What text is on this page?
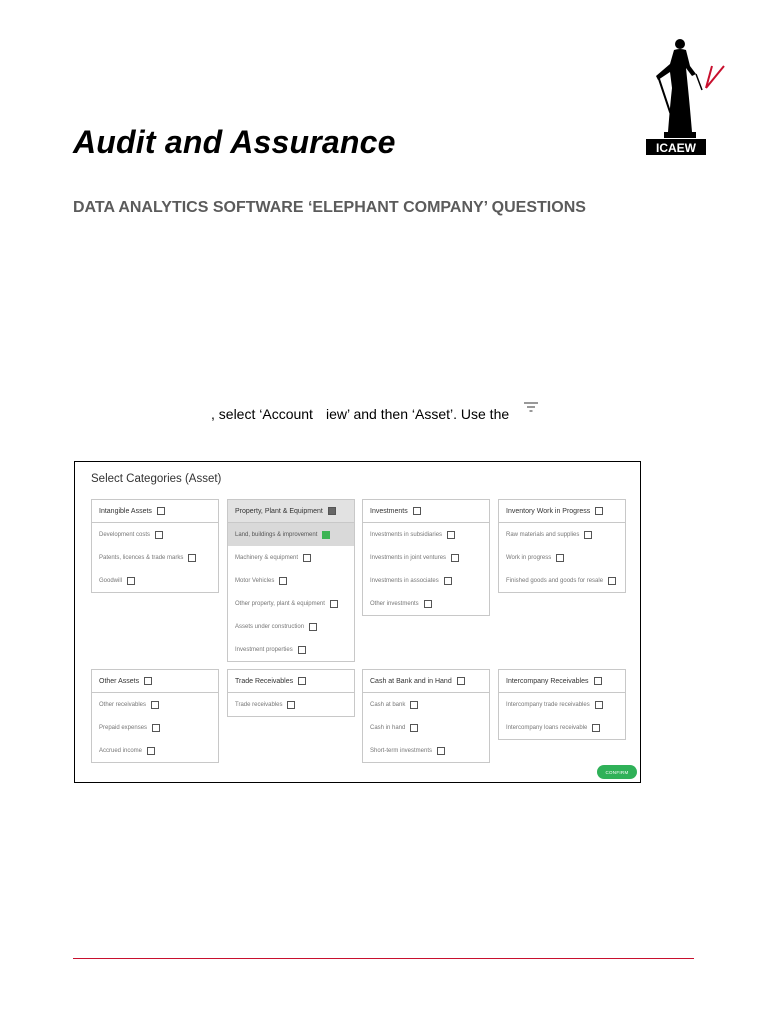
ICAEW
Audit and Assurance
DATA ANALYTICS SOFTWARE ‘ELEPHANT COMPANY’ QUESTIONS
, select ‘Account iew’ and then ‘Asset’. Use the
Select Categories (Asset)
Intangible Assets
Development costs
Patents, licences & trade marks
Goodwill
Property, Plant & Equipment
Land, buildings & improvement
Machinery & equipment
Motor Vehicles
Other property, plant & equipment
Assets under construction
Investment properties
Investments
Investments in subsidiaries
Investments in joint ventures
Investments in associates
Other investments
Inventory Work in Progress
Raw materials and supplies
Work in progress
Finished goods and goods for resale
Other Assets
Other receivables
Prepaid expenses
Accrued income
Trade Receivables
Trade receivables
Cash at Bank and in Hand
Cash at bank
Cash in hand
Short-term investments
Intercompany Receivables
Intercompany trade receivables
Intercompany loans receivable
CONFIRM
